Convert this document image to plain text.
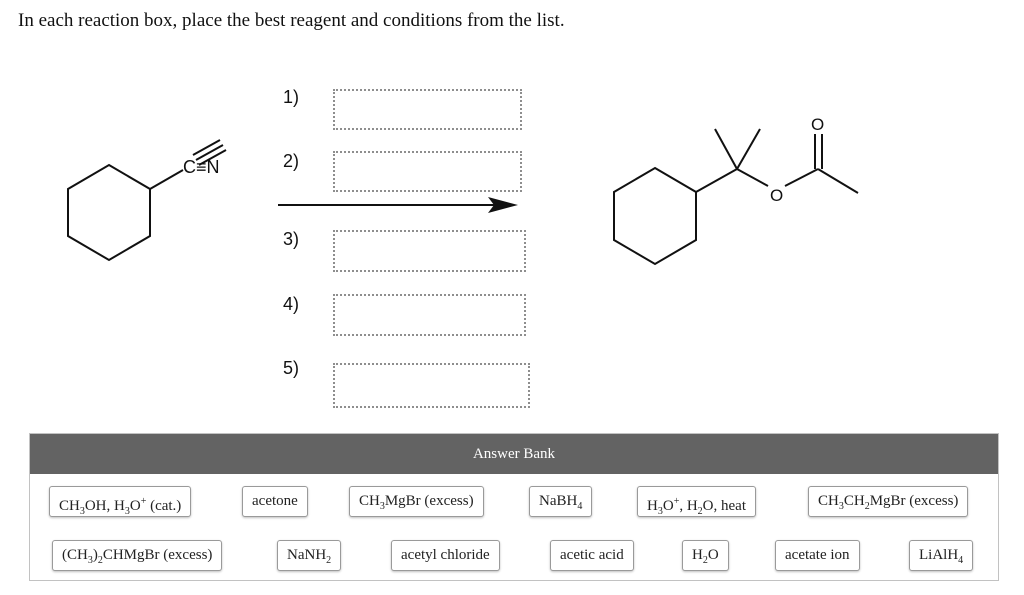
In each reaction box, place the best reagent and conditions from the list.
C≡N
O
O
1)
2)
3)
4)
5)
Answer Bank
$CH_3OH$, $H_3O^+$ (cat.)	acetone	$CH_3MgBr$ (excess)	NaBH$_4$	$H_3O^+$, $H_2O$, heat	$CH_3CH_2MgBr$ (excess)
$(CH_3)_2CHMgBr$ (excess)	NaNH$_2$	acetyl chloride	acetic acid	$H_2O$	acetate ion	LiAlH$_4$
